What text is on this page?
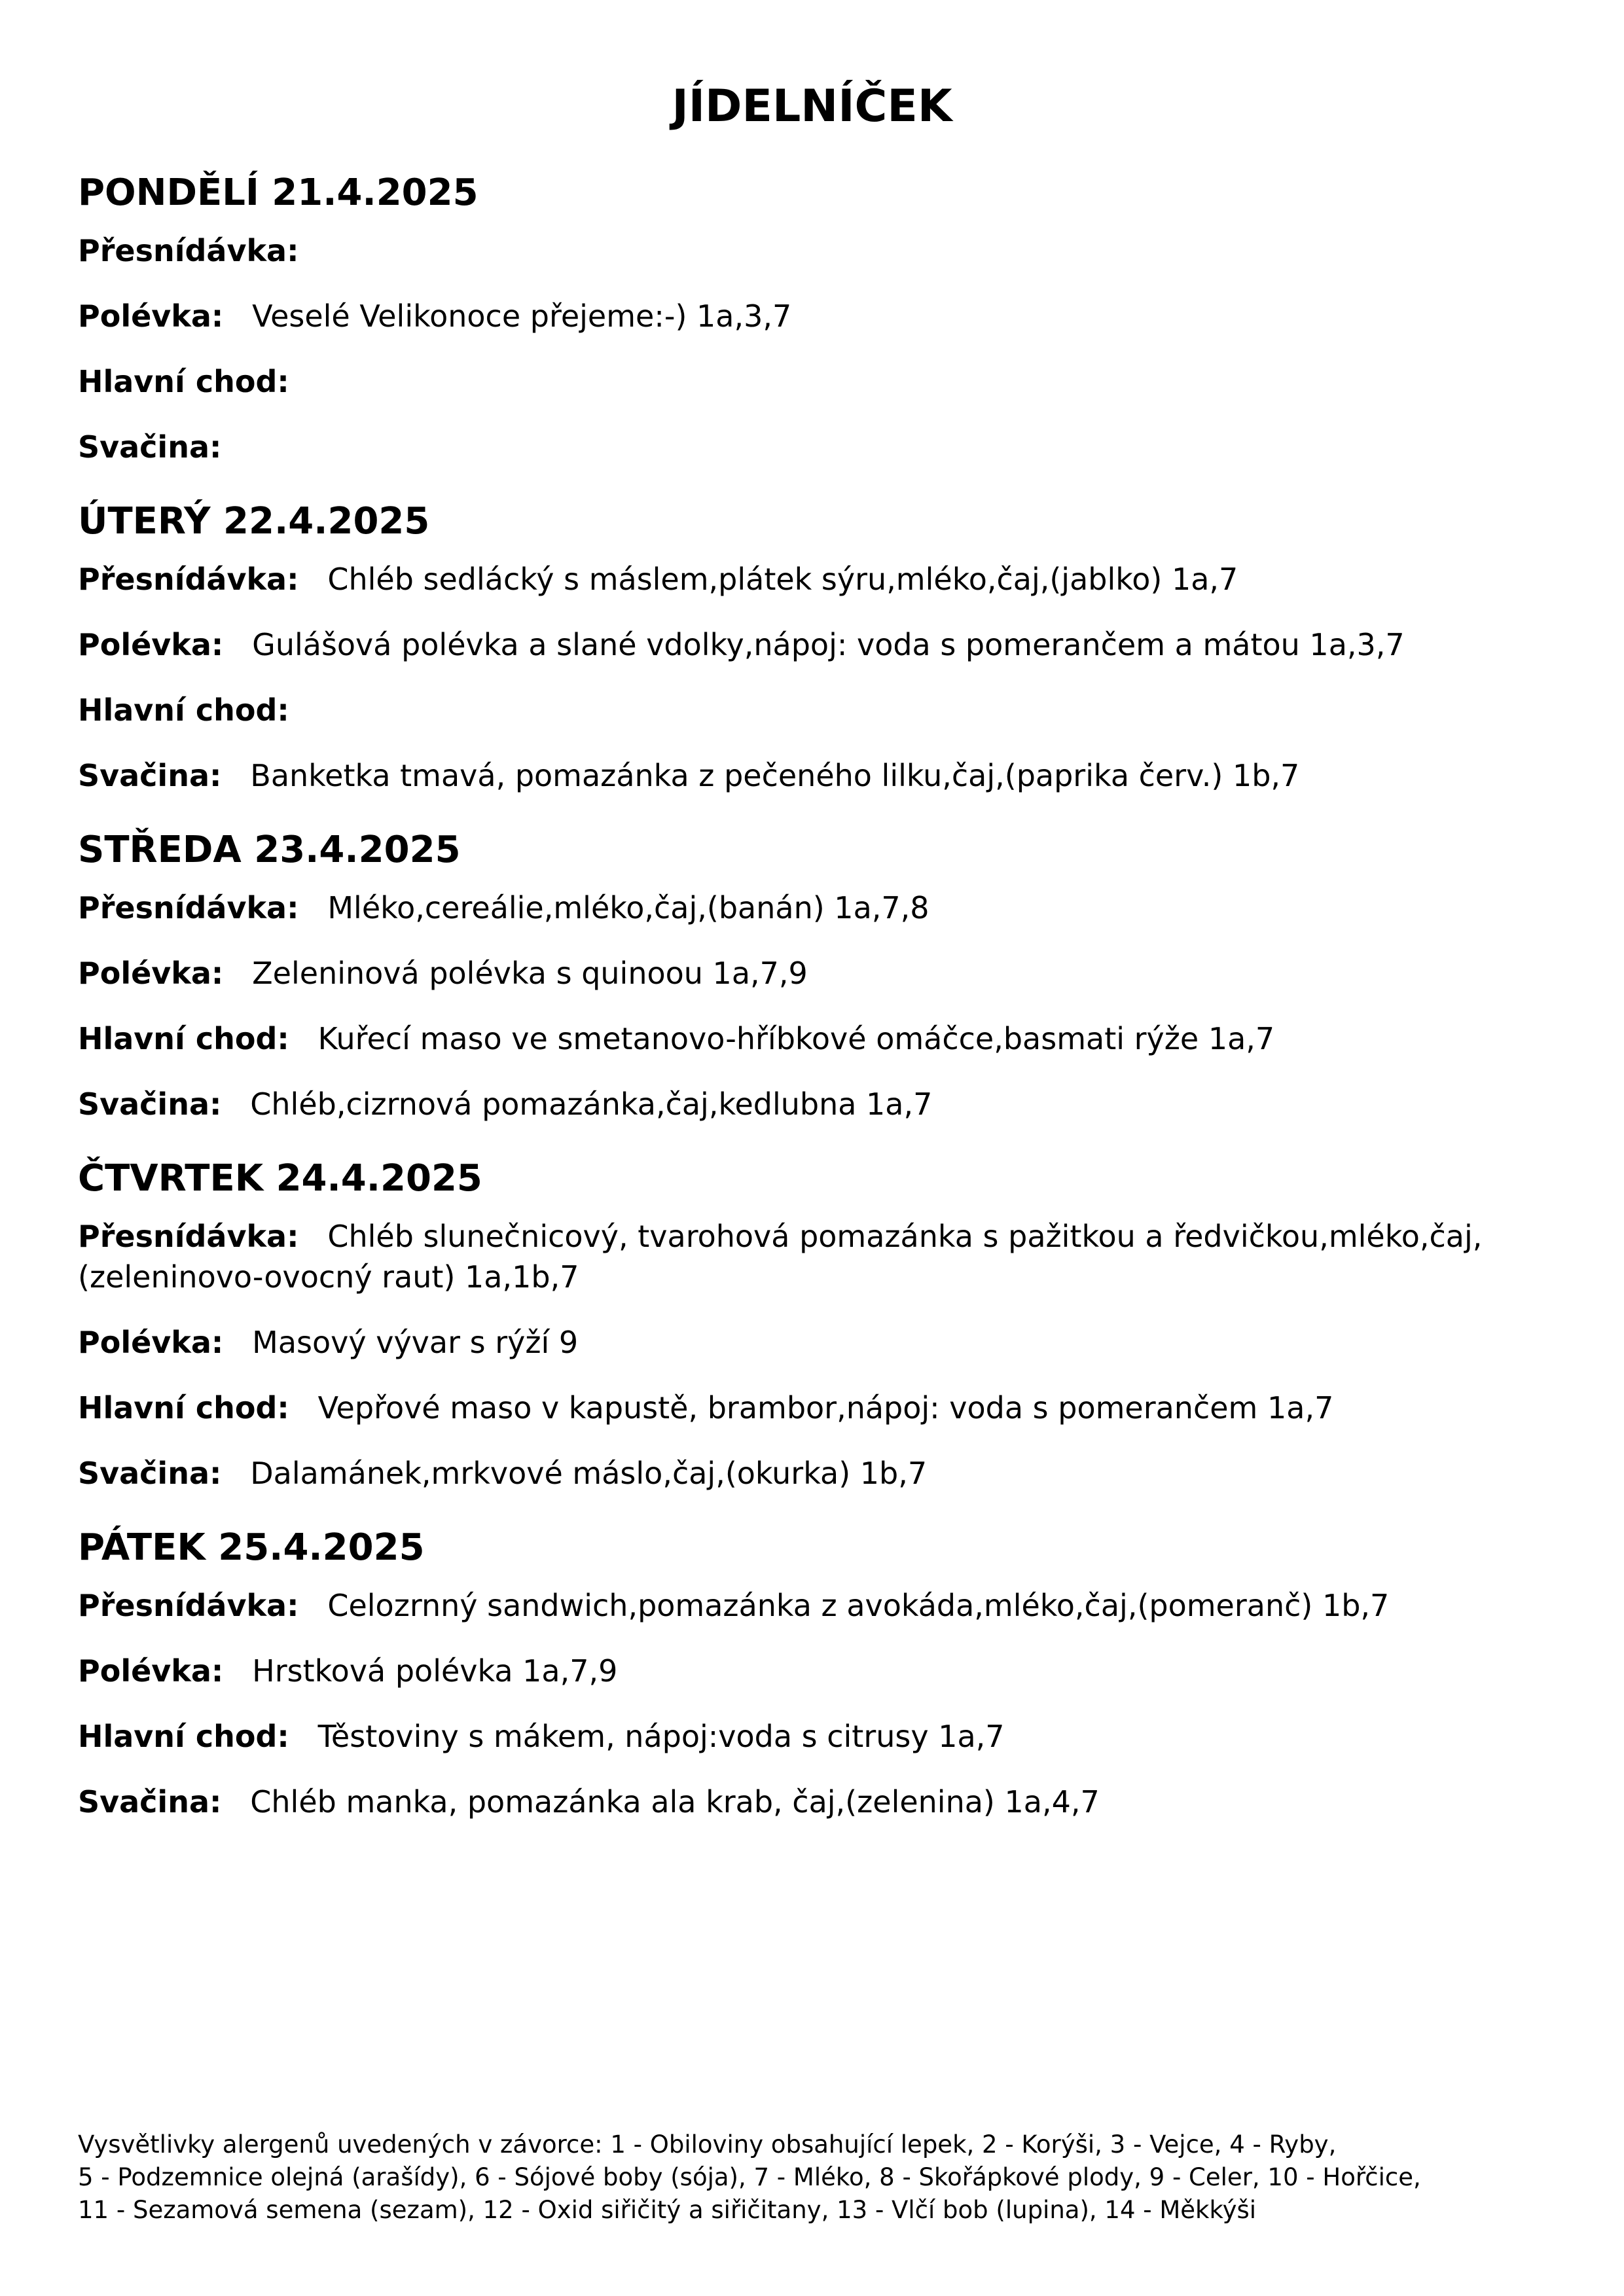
JÍDELNÍČEK
PONDĚLÍ 21.4.2025

Přesnídávka:

Polévka: Veselé Velikonoce přejeme:-) 1a,3,7

Hlavní chod:

Svačina:

ÚTERÝ 22.4.2025

Přesnídávka: Chléb sedlácký s máslem,plátek sýru,mléko,čaj,(jablko) 1a,7

Polévka: Gulášová polévka a slané vdolky,nápoj: voda s pomerančem a mátou 1a,3,7

Hlavní chod:

Svačina: Banketka tmavá, pomazánka z pečeného lilku,čaj,(paprika červ.) 1b,7

STŘEDA 23.4.2025

Přesnídávka: Mléko,cereálie,mléko,čaj,(banán) 1a,7,8

Polévka: Zeleninová polévka s quinoou 1a,7,9

Hlavní chod: Kuřecí maso ve smetanovo-hříbkové omáčce,basmati rýže 1a,7

Svačina: Chléb,cizrnová pomazánka,čaj,kedlubna 1a,7

ČTVRTEK 24.4.2025

Přesnídávka: Chléb slunečnicový, tvarohová pomazánka s pažitkou a ředvičkou,mléko,čaj,(zeleninovo-ovocný raut) 1a,1b,7

Polévka: Masový vývar s rýží 9

Hlavní chod: Vepřové maso v kapustě, brambor,nápoj: voda s pomerančem 1a,7

Svačina: Dalamánek,mrkvové máslo,čaj,(okurka) 1b,7

PÁTEK 25.4.2025

Přesnídávka: Celozrnný sandwich,pomazánka z avokáda,mléko,čaj,(pomeranč) 1b,7

Polévka: Hrstková polévka 1a,7,9

Hlavní chod: Těstoviny s mákem, nápoj:voda s citrusy 1a,7

Svačina: Chléb manka, pomazánka ala krab, čaj,(zelenina) 1a,4,7

Vysvětlivky alergenů uvedených v závorce: 1 - Obiloviny obsahující lepek, 2 - Korýši, 3 - Vejce, 4 - Ryby,
5 - Podzemnice olejná (arašídy), 6 - Sójové boby (sója), 7 - Mléko, 8 - Skořápkové plody, 9 - Celer, 10 - Hořčice,
11 - Sezamová semena (sezam), 12 - Oxid siřičitý a siřičitany, 13 - Vlčí bob (lupina), 14 - Měkkýši
